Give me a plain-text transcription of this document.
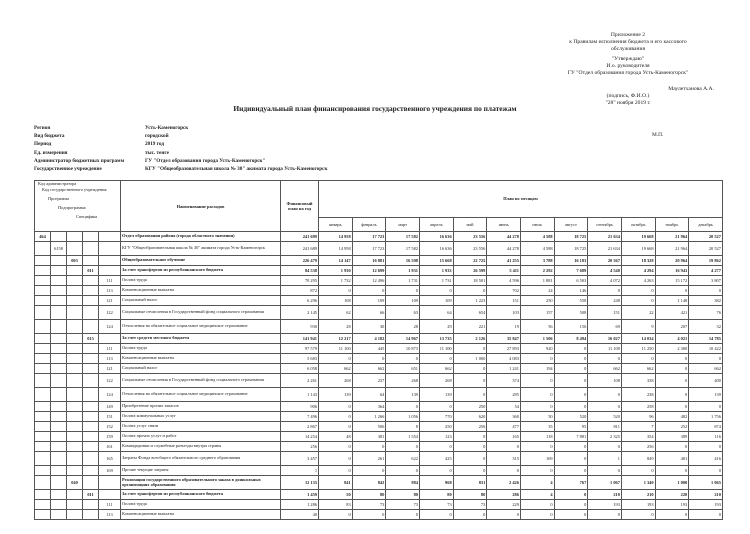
Приложение 2
к Правилам исполнения бюджета и его кассового
обслуживания
"Утверждаю"
И.о. руководителя
ГУ "Отдел образования города Усть-Каменогорск"
Маулетханова А.А.
(подпись, Ф.И.О.)
"28" ноября 2019 г.
Индивидуальный план финансирования государственного учреждения по платежам
Регион	Усть-Каменогорск
Вид бюджета	городской
Период	2019 год
Ед. измерения	тыс. тенге
Администратор бюджетных программ	ГУ "Отдел образования города Усть-Каменогорск"
Государственное учреждение	КГУ "Общеобразовательная школа № 30" акимата города Усть-Каменогорск
М.П.
Код администратора
Код государственного учреждения
Программа
Подпрограмма
Специфика					Наименование расходов	Финансовый план на год	План по месяцам											
							январь	февраль	март	апрель	май	июнь	июль	август	сентябрь	октябрь	ноябрь	декабрь
464					Отдел образования района (города областного значения)	241 689	14 958	17 723	17 582	16 636	23 556	44 278	4 588	18 725	21 634	19 668	21 964	20 527
	6158				КГУ "Общеобразовательная школа № 30" акимата города Усть-Каменогорск	241 689	14 958	17 723	17 582	16 636	23 556	44 278	4 588	18 725	21 634	19 668	21 964	20 527
		003			Общеобразовательное обучение	226 479	14 147	16 881	16 598	15 668	22 725	41 255	3 788	16 183	20 567	18 328	20 964	19 862
			011		За счет трансфертов из республиканского бюджета	84 538	1 930	12 699	1 931	1 933	26 599	5 411	2 292	7 689	4 540	4 294	16 943	4 277
				111	Оплата труда	70 295	1 732	12 496	1 731	1 731	18 501	4 596	1 881	6 503	4 072	4 263	15 172	3 807
				113	Компенсационные выплаты	872	0	0	0	0	0	702	24	146	0	0	0	0
				121	Социальный налог	6 296	108	109	109	109	1 223	151	250	558	248	0	1 148	382
				122	Социальные отчисления в Государственный фонд социального страхования	2 145	62	66	63	64	654	103	157	508	151	22	421	76
				124	Отчисления на обязательное социальное медицинское страхование	930	28	30	28	29	221	19	56	156	69	9	207	32
			015		За счет средств местного бюджета	141 941	12 217	4 182	14 967	13 735	2 126	35 847	1 506	8 494	16 027	14 034	4 021	14 785
				111	Оплата труда	97 579	11 100	445	10 873	11 100	0	27 893	920	0	11 100	11 250	2 300	10 422
				113	Компенсационные выплаты	5 683	0	0	0	0	1 000	4 083	0	0	0	0	0	0
				121	Социальный налог	6 058	662	662	651	662	0	1 241	194	0	662	662	0	662
				122	Социальные отчисления в Государственный фонд социального страхования	2 261	268	237	268	268	0	374	0	0	108	338	0	400
				124	Отчисления на обязательное социальное медицинское страхование	1 143	139	64	139	139	0	285	0	0	0	238	0	139
				149	Приобретение прочих запасов	906	0	364	0	0	250	54	0	0	0	258	0	0
				151	Оплата коммунальных услуг	7 496	0	1 266	1 056	770	620	360	50	520	520	96	482	1 756
				152	Оплата услуг связи	2 867	0	506	8	250	256	477	35	95	811	7	252	874
				159	Оплата прочих услуг и работ	14 254	48	381	1 554	123	0	165	118	7 881	2 325	354	389	116
				161	Командировки и служебные разъезды внутри страны	256	0	0	0	0	0	0	0	0	0	256	0	0
				165	Затраты Фонда всеобщего обязательного среднего образования	3 457	0	261	622	425	0	315	169	0	1	849	401	416
				169	Прочие текущие затраты	1	0	0	0	0	0	0	0	0	0	0	0	0
		040			Реализация государственного образовательного заказа в дошкольных организациях образования	12 135	841	842	984	968	831	2 426	4	767	1 067	1 340	1 000	1 065
			011		За счет трансфертов из республиканского бюджета	1 459	50	80	80	80	80	286	4	0	210	210	220	210
				111	Оплата труда	1 286	83	73	73	73	73	229	0	0	193	193	193	193
				113	Компенсационные выплаты	40	0	0	0	0	0	0	0	0	0	0	0	0
